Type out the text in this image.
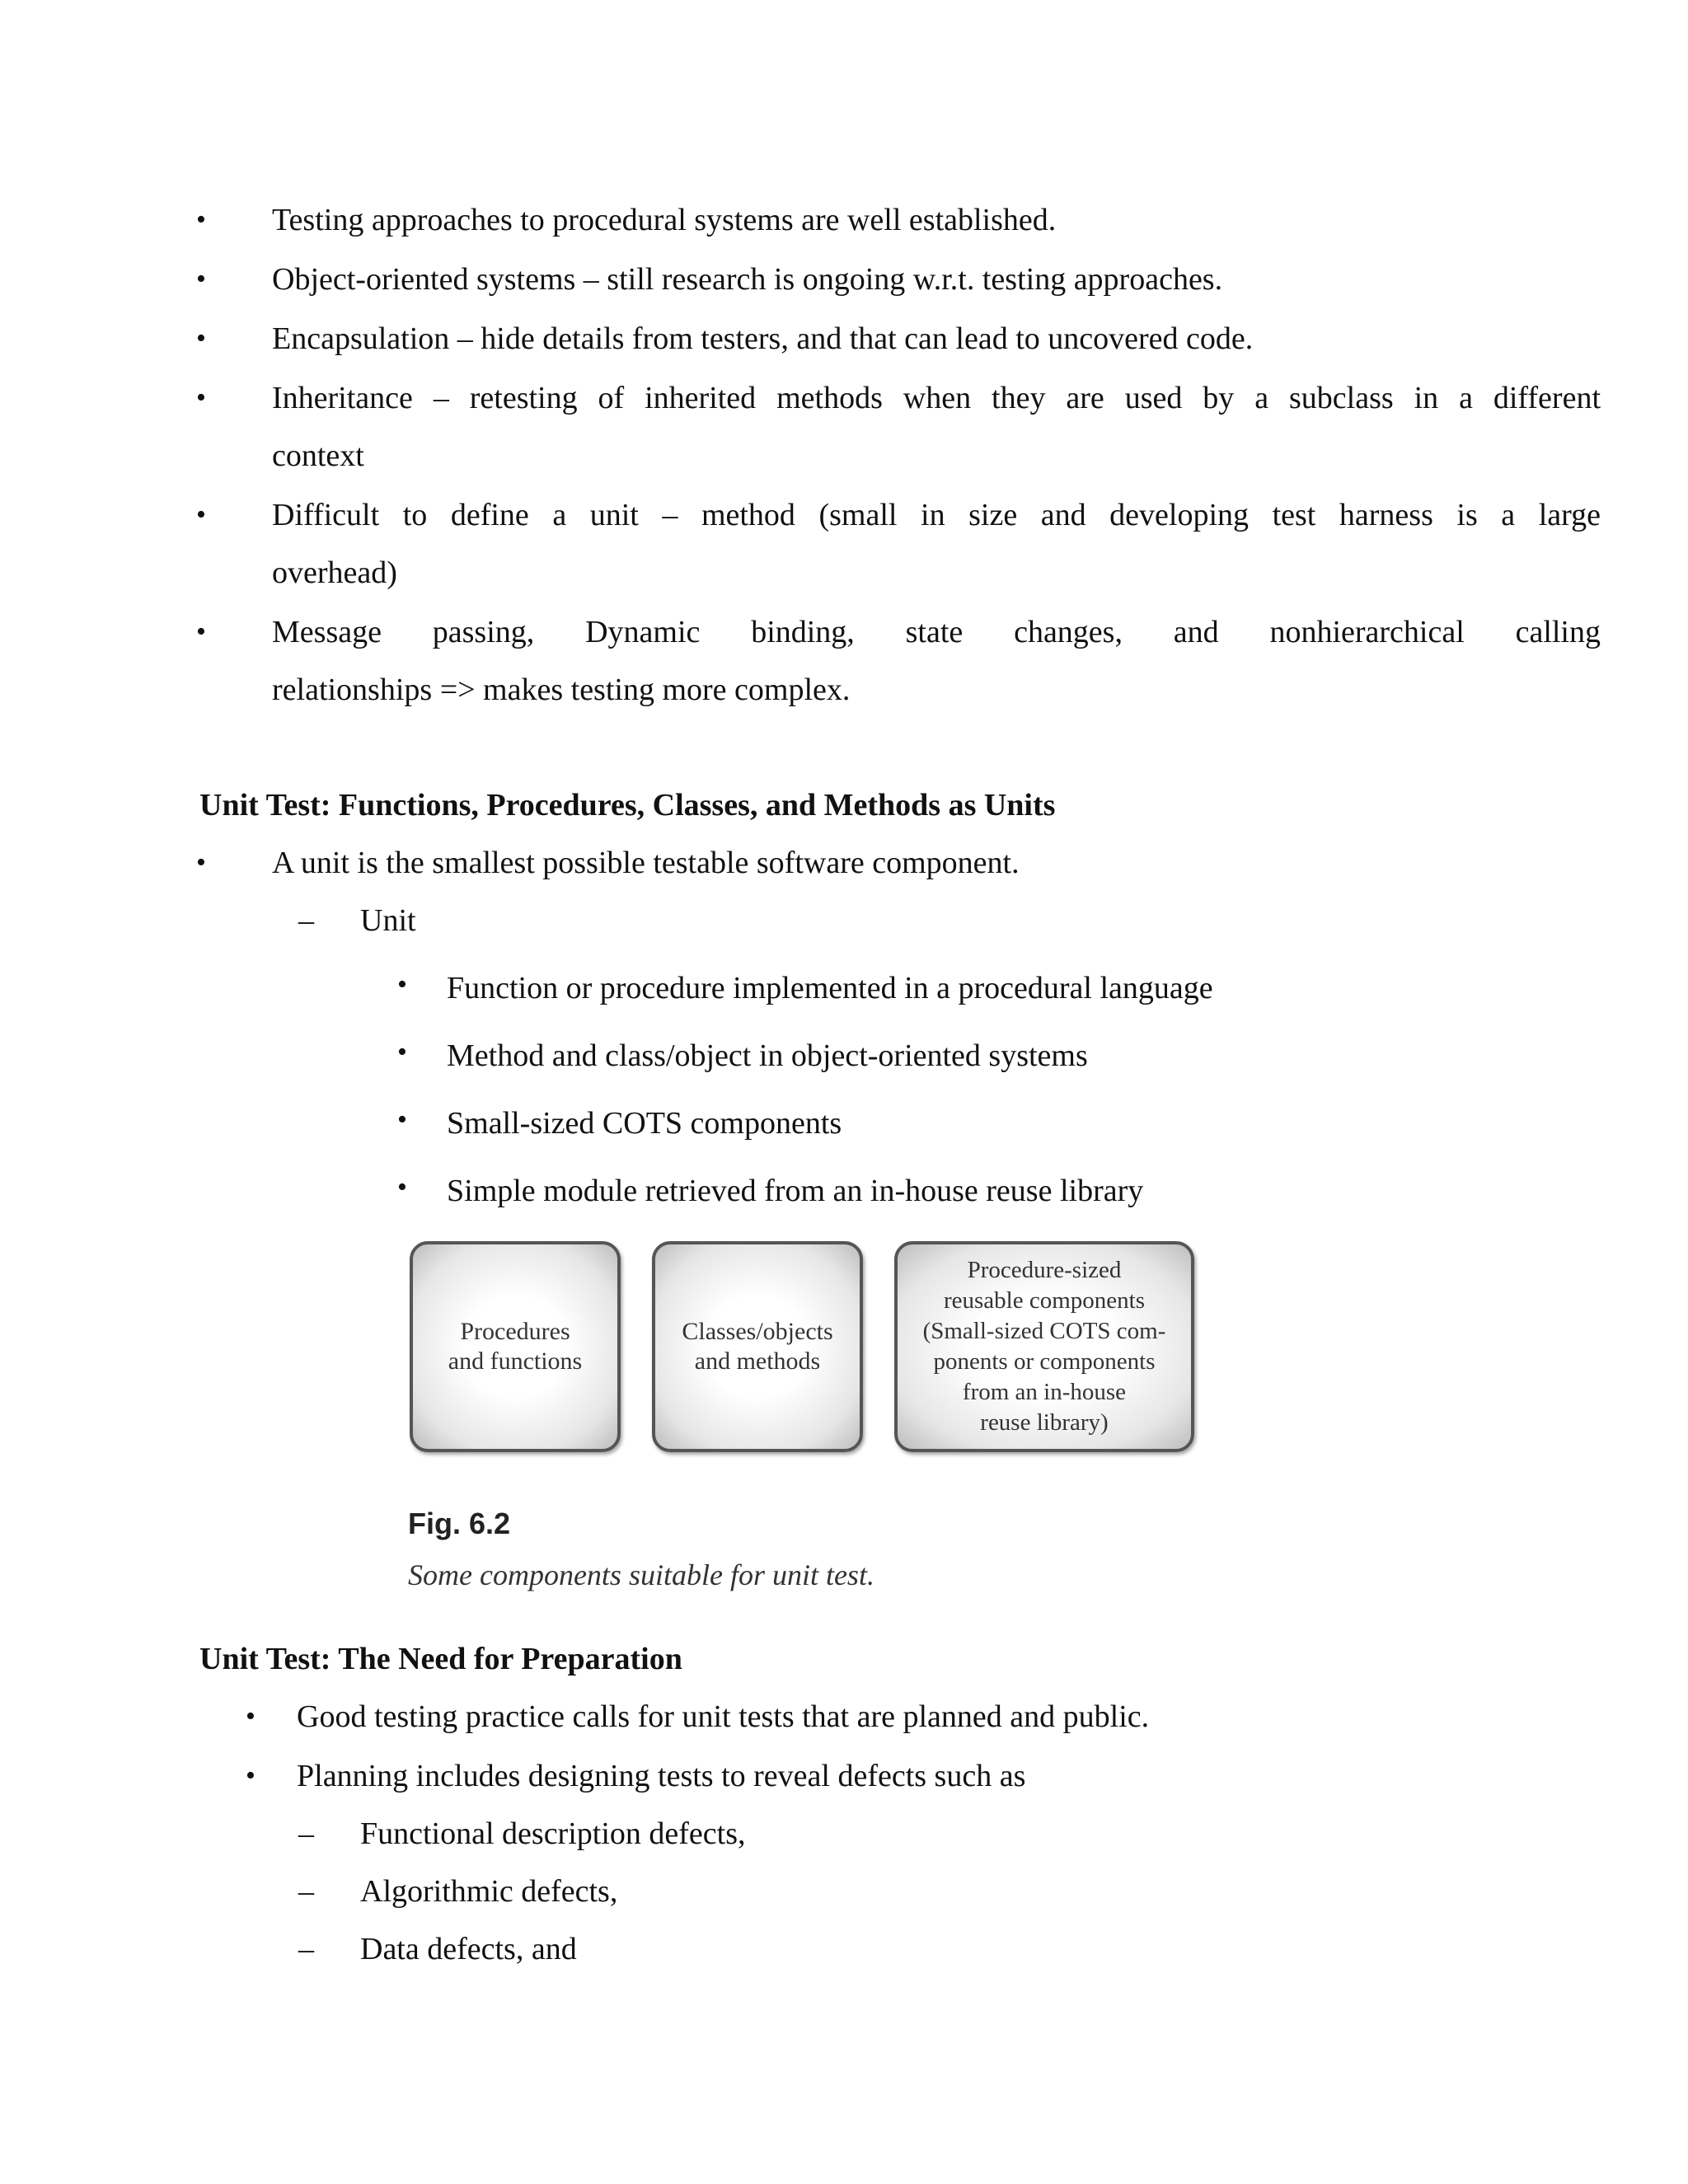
• Testing approaches to procedural systems are well established.
• Object-oriented systems – still research is ongoing w.r.t. testing approaches.
• Encapsulation – hide details from testers, and that can lead to uncovered code.
• Inheritance – retesting of inherited methods when they are used by a subclass in a different
context
• Difficult to define a unit – method (small in size and developing test harness is a large
overhead)
• Message passing, Dynamic binding, state changes, and nonhierarchical calling
relationships => makes testing more complex.
Unit Test: Functions, Procedures, Classes, and Methods as Units
• A unit is the smallest possible testable software component.
– Unit
• Function or procedure implemented in a procedural language
• Method and class/object in object-oriented systems
• Small-sized COTS components
• Simple module retrieved from an in-house reuse library
Procedures
and functions
Classes/objects
and methods
Procedure-sized
reusable components
(Small-sized COTS com-
ponents or components
from an in-house
reuse library)
Fig. 6.2
Some components suitable for unit test.
Unit Test: The Need for Preparation
• Good testing practice calls for unit tests that are planned and public.
• Planning includes designing tests to reveal defects such as
– Functional description defects,
– Algorithmic defects,
– Data defects, and
